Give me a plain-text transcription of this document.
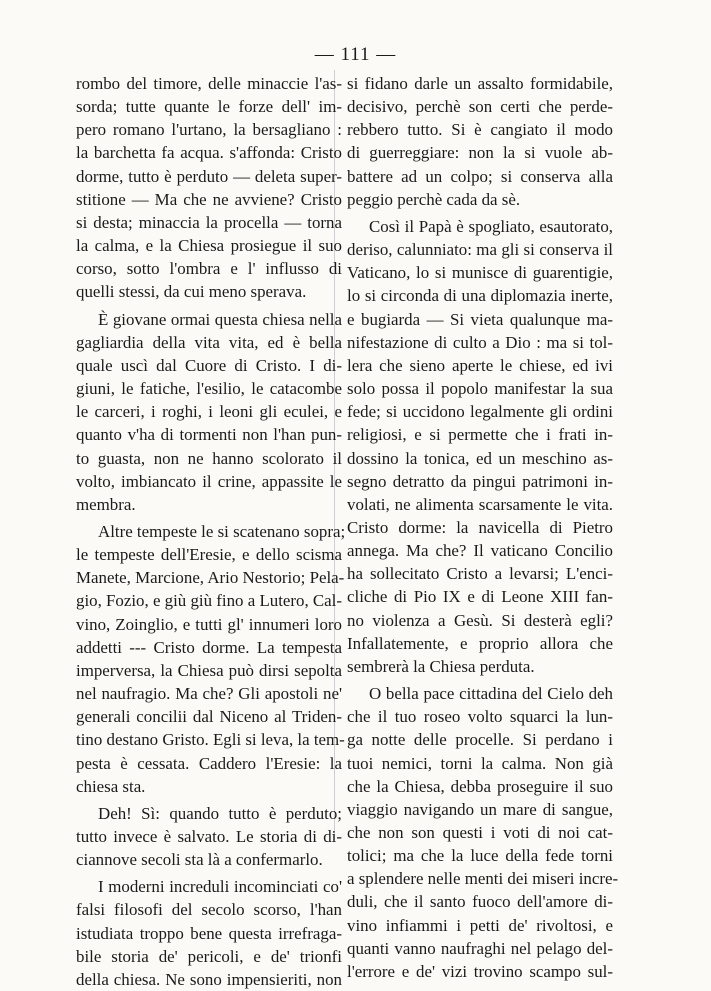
— 111 —
rombo del timore, delle minaccie l'as-
sorda; tutte quante le forze dell' im-
pero romano l'urtano, la bersagliano :
la barchetta fa acqua. s'affonda: Cristo
dorme, tutto è perduto — deleta super-
stitione — Ma che ne avviene? Cristo
si desta; minaccia la procella — torna
la calma, e la Chiesa prosiegue il suo
corso, sotto l'ombra e l' influsso di
quelli stessi, da cui meno sperava.
È giovane ormai questa chiesa nella
gagliardia della vita vita, ed è bella
quale uscì dal Cuore di Cristo. I di-
giuni, le fatiche, l'esilio, le catacombe
le carceri, i roghi, i leoni gli eculei, e
quanto v'ha di tormenti non l'han pun-
to guasta, non ne hanno scolorato il
volto, imbiancato il crine, appassite le
membra.
Altre tempeste le si scatenano sopra;
le tempeste dell'Eresie, e dello scisma
Manete, Marcione, Ario Nestorio; Pela-
gio, Fozio, e giù giù fino a Lutero, Cal-
vino, Zoinglio, e tutti gl' innumeri loro
addetti --- Cristo dorme. La tempesta
imperversa, la Chiesa può dirsi sepolta
nel naufragio. Ma che? Gli apostoli ne'
generali concilii dal Niceno al Triden-
tino destano Gristo. Egli si leva, la tem-
pesta è cessata. Caddero l'Eresie: la
chiesa sta.
Deh! Sì: quando tutto è perduto;
tutto invece è salvato. Le storia di di-
ciannove secoli sta là a confermarlo.
I moderni increduli incominciati co'
falsi filosofi del secolo scorso, l'han
istudiata troppo bene questa irrefraga-
bile storia de' pericoli, e de' trionfi
della chiesa. Ne sono impensieriti, non
si fidano darle un assalto formidabile,
decisivo, perchè son certi che perde-
rebbero tutto. Si è cangiato il modo
di guerreggiare: non la si vuole ab-
battere ad un colpo; si conserva alla
peggio perchè cada da sè.
Così il Papà è spogliato, esautorato,
deriso, calunniato: ma gli si conserva il
Vaticano, lo si munisce di guarentigie,
lo si circonda di una diplomazia inerte,
e bugiarda — Si vieta qualunque ma-
nifestazione di culto a Dio : ma si tol-
lera che sieno aperte le chiese, ed ivi
solo possa il popolo manifestar la sua
fede; si uccidono legalmente gli ordini
religiosi, e si permette che i frati in-
dossino la tonica, ed un meschino as-
segno detratto da pingui patrimoni in-
volati, ne alimenta scarsamente le vita.
Cristo dorme: la navicella di Pietro
annega. Ma che? Il vaticano Concilio
ha sollecitato Cristo a levarsi; L'enci-
cliche di Pio IX e di Leone XIII fan-
no violenza a Gesù. Si desterà egli?
Infallatemente, e proprio allora che
sembrerà la Chiesa perduta.
O bella pace cittadina del Cielo deh
che il tuo roseo volto squarci la lun-
ga notte delle procelle. Si perdano i
tuoi nemici, torni la calma. Non già
che la Chiesa, debba proseguire il suo
viaggio navigando un mare di sangue,
che non son questi i voti di noi cat-
tolici; ma che la luce della fede torni
a splendere nelle menti dei miseri incre-
duli, che il santo fuoco dell'amore di-
vino infiammi i petti de' rivoltosi, e
quanti vanno naufraghi nel pelago del-
l'errore e de' vizi trovino scampo sul-
